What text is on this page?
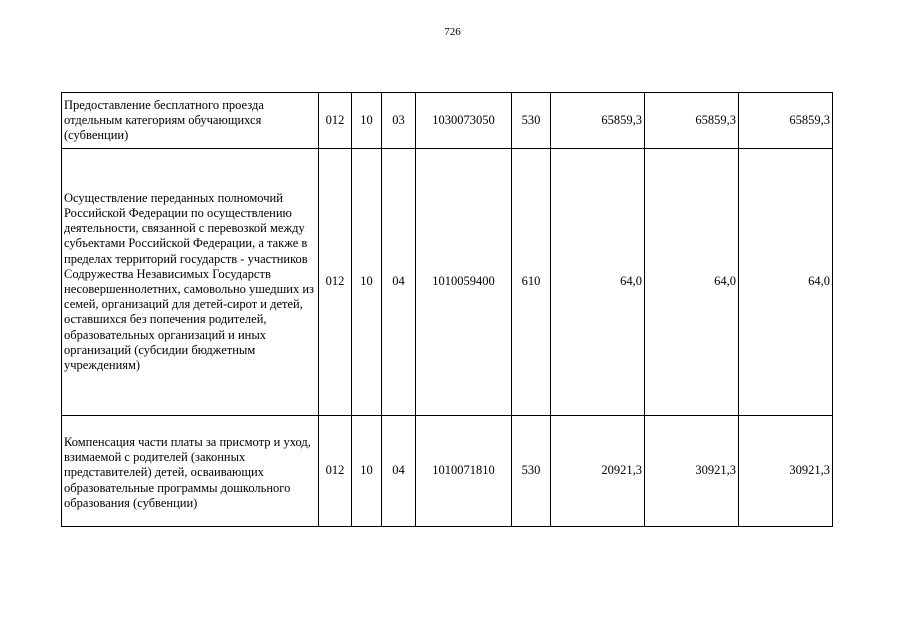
726
Предоставление бесплатного проезда отдельным категориям обучающихся (субвенции)	012	10	03	1030073050	530	65859,3	65859,3	65859,3
Осуществление переданных полномочий Российской Федерации по осуществлению деятельности, связанной с перевозкой между субъектами Российской Федерации, а также в пределах территорий государств - участников Содружества Независимых Государств несовершеннолетних, самовольно ушедших из семей, организаций для детей-сирот и детей, оставшихся без попечения родителей, образовательных организаций и иных организаций (субсидии бюджетным учреждениям)	012	10	04	1010059400	610	64,0	64,0	64,0
Компенсация части платы за присмотр и уход, взимаемой с родителей (законных представителей) детей, осваивающих образовательные программы дошкольного образования (субвенции)	012	10	04	1010071810	530	20921,3	30921,3	30921,3
